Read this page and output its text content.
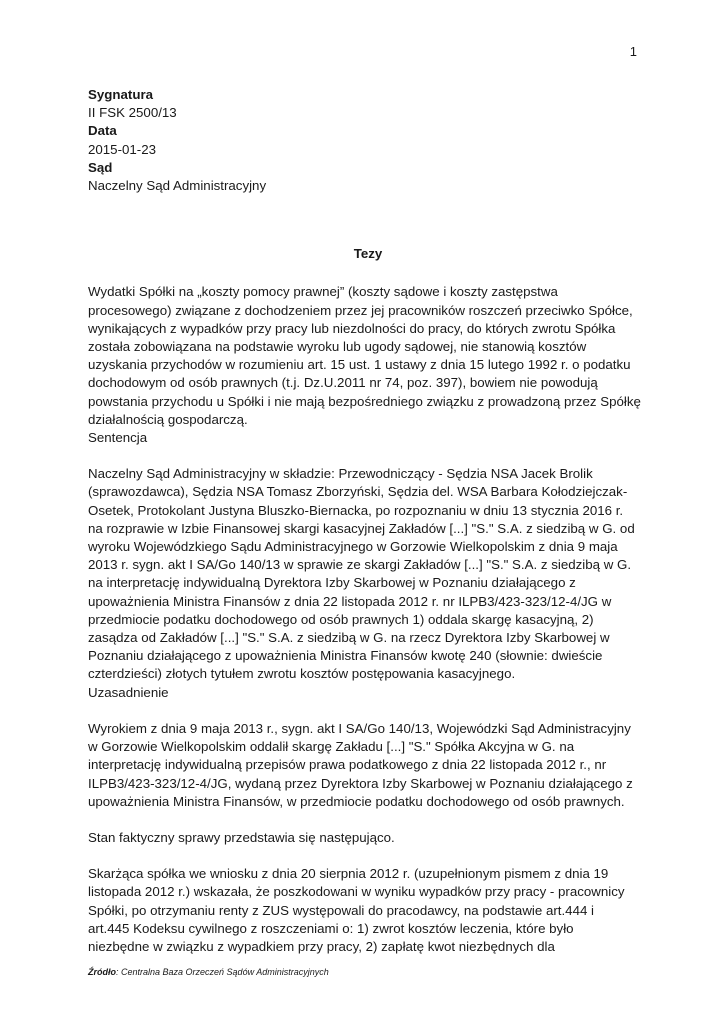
1

Sygnatura

II FSK 2500/13

Data

2015-01-23

Sąd

Naczelny Sąd Administracyjny

Tezy

Wydatki Spółki na „koszty pomocy prawnej” (koszty sądowe i koszty zastępstwa
procesowego) związane z dochodzeniem przez jej pracowników roszczeń przeciwko Spółce,
wynikających z wypadków przy pracy lub niezdolności do pracy, do których zwrotu Spółka
została zobowiązana na podstawie wyroku lub ugody sądowej, nie stanowią kosztów
uzyskania przychodów w rozumieniu art. 15 ust. 1 ustawy z dnia 15 lutego 1992 r. o podatku
dochodowym od osób prawnych (t.j. Dz.U.2011 nr 74, poz. 397), bowiem nie powodują
powstania przychodu u Spółki i nie mają bezpośredniego związku z prowadzoną przez Spółkę
działalnością gospodarczą.

Sentencja

Naczelny Sąd Administracyjny w składzie: Przewodniczący - Sędzia NSA Jacek Brolik
(sprawozdawca), Sędzia NSA Tomasz Zborzyński, Sędzia del. WSA Barbara Kołodziejczak-
Osetek, Protokolant Justyna Bluszko-Biernacka, po rozpoznaniu w dniu 13 stycznia 2016 r.
na rozprawie w Izbie Finansowej skargi kasacyjnej Zakładów [...] "S." S.A. z siedzibą w G. od
wyroku Wojewódzkiego Sądu Administracyjnego w Gorzowie Wielkopolskim z dnia 9 maja
2013 r. sygn. akt I SA/Go 140/13 w sprawie ze skargi Zakładów [...] "S." S.A. z siedzibą w G.
na interpretację indywidualną Dyrektora Izby Skarbowej w Poznaniu działającego z
upoważnienia Ministra Finansów z dnia 22 listopada 2012 r. nr ILPB3/423-323/12-4/JG w
przedmiocie podatku dochodowego od osób prawnych 1) oddala skargę kasacyjną, 2)
zasądza od Zakładów [...] "S." S.A. z siedzibą w G. na rzecz Dyrektora Izby Skarbowej w
Poznaniu działającego z upoważnienia Ministra Finansów kwotę 240 (słownie: dwieście
czterdzieści) złotych tytułem zwrotu kosztów postępowania kasacyjnego.

Uzasadnienie

Wyrokiem z dnia 9 maja 2013 r., sygn. akt I SA/Go 140/13, Wojewódzki Sąd Administracyjny
w Gorzowie Wielkopolskim oddalił skargę Zakładu [...] "S." Spółka Akcyjna w G. na
interpretację indywidualną przepisów prawa podatkowego z dnia 22 listopada 2012 r., nr
ILPB3/423-323/12-4/JG, wydaną przez Dyrektora Izby Skarbowej w Poznaniu działającego z
upoważnienia Ministra Finansów, w przedmiocie podatku dochodowego od osób prawnych.

Stan faktyczny sprawy przedstawia się następująco.

Skarżąca spółka we wniosku z dnia 20 sierpnia 2012 r. (uzupełnionym pismem z dnia 19
listopada 2012 r.) wskazała, że poszkodowani w wyniku wypadków przy pracy - pracownicy
Spółki, po otrzymaniu renty z ZUS występowali do pracodawcy, na podstawie art.444 i
art.445 Kodeksu cywilnego z roszczeniami o: 1) zwrot kosztów leczenia, które było
niezbędne w związku z wypadkiem przy pracy, 2) zapłatę kwot niezbędnych dla

Źródło: Centralna Baza Orzeczeń Sądów Administracyjnych
